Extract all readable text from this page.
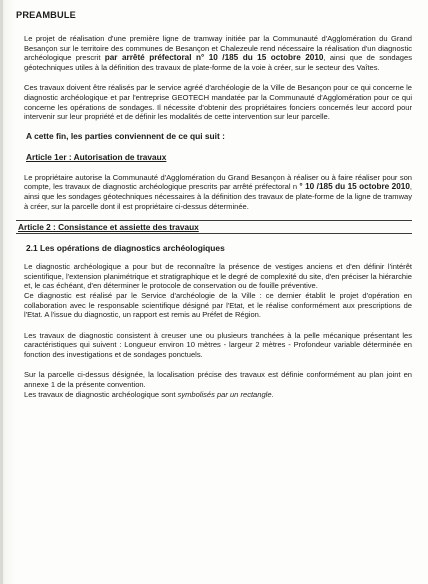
PREAMBULE

Le projet de réalisation d'une première ligne de tramway initiée par la Communauté d'Agglomération du Grand Besançon sur le territoire des communes de Besançon et Chalezeule rend nécessaire la réalisation d'un diagnostic archéologique prescrit par arrêté préfectoral n° 10 /185 du 15 octobre 2010, ainsi que de sondages géotechniques utiles à la définition des travaux de plate-forme de la voie à créer, sur le secteur des Vaîtes.

Ces travaux doivent être réalisés par le service agréé d'archéologie de la Ville de Besançon pour ce qui concerne le diagnostic archéologique et par l'entreprise GEOTECH mandatée par la Communauté d'Agglomération pour ce qui concerne les opérations de sondages. Il nécessite d'obtenir des propriétaires fonciers concernés leur accord pour intervenir sur leur propriété et de définir les modalités de cette intervention sur leur parcelle.

A cette fin, les parties conviennent de ce qui suit :
Article 1er : Autorisation de travaux

Le propriétaire autorise la Communauté d'Agglomération du Grand Besançon à réaliser ou à faire réaliser pour son compte, les travaux de diagnostic archéologique prescrits par arrêté préfectoral n ° 10 /185 du 15 octobre 2010, ainsi que les sondages géotechniques nécessaires à la définition des travaux de plate-forme de la ligne de tramway à créer, sur la parcelle dont il est propriétaire ci-dessus déterminée.

Article 2 : Consistance et assiette des travaux
2.1 Les opérations de diagnostics archéologiques

Le diagnostic archéologique a pour but de reconnaître la présence de vestiges anciens et d'en définir l'intérêt scientifique, l'extension planimétrique et stratigraphique et le degré de complexité du site, d'en préciser la hiérarchie et, le cas échéant, d'en déterminer le protocole de conservation ou de fouille préventive.

Ce diagnostic est réalisé par le Service d'archéologie de la Ville : ce dernier établit le projet d'opération en collaboration avec le responsable scientifique désigné par l'Etat, et le réalise conformément aux prescriptions de l'Etat. A l'issue du diagnostic, un rapport est remis au Préfet de Région.

Les travaux de diagnostic consistent à creuser une ou plusieurs tranchées à la pelle mécanique présentant les caractéristiques qui suivent : Longueur environ 10 mètres - largeur 2 mètres - Profondeur variable déterminée en fonction des investigations et de sondages ponctuels.

Sur la parcelle ci-dessus désignée, la localisation précise des travaux est définie conformément au plan joint en annexe 1 de la présente convention.

Les travaux de diagnostic archéologique sont symbolisés par un rectangle.
